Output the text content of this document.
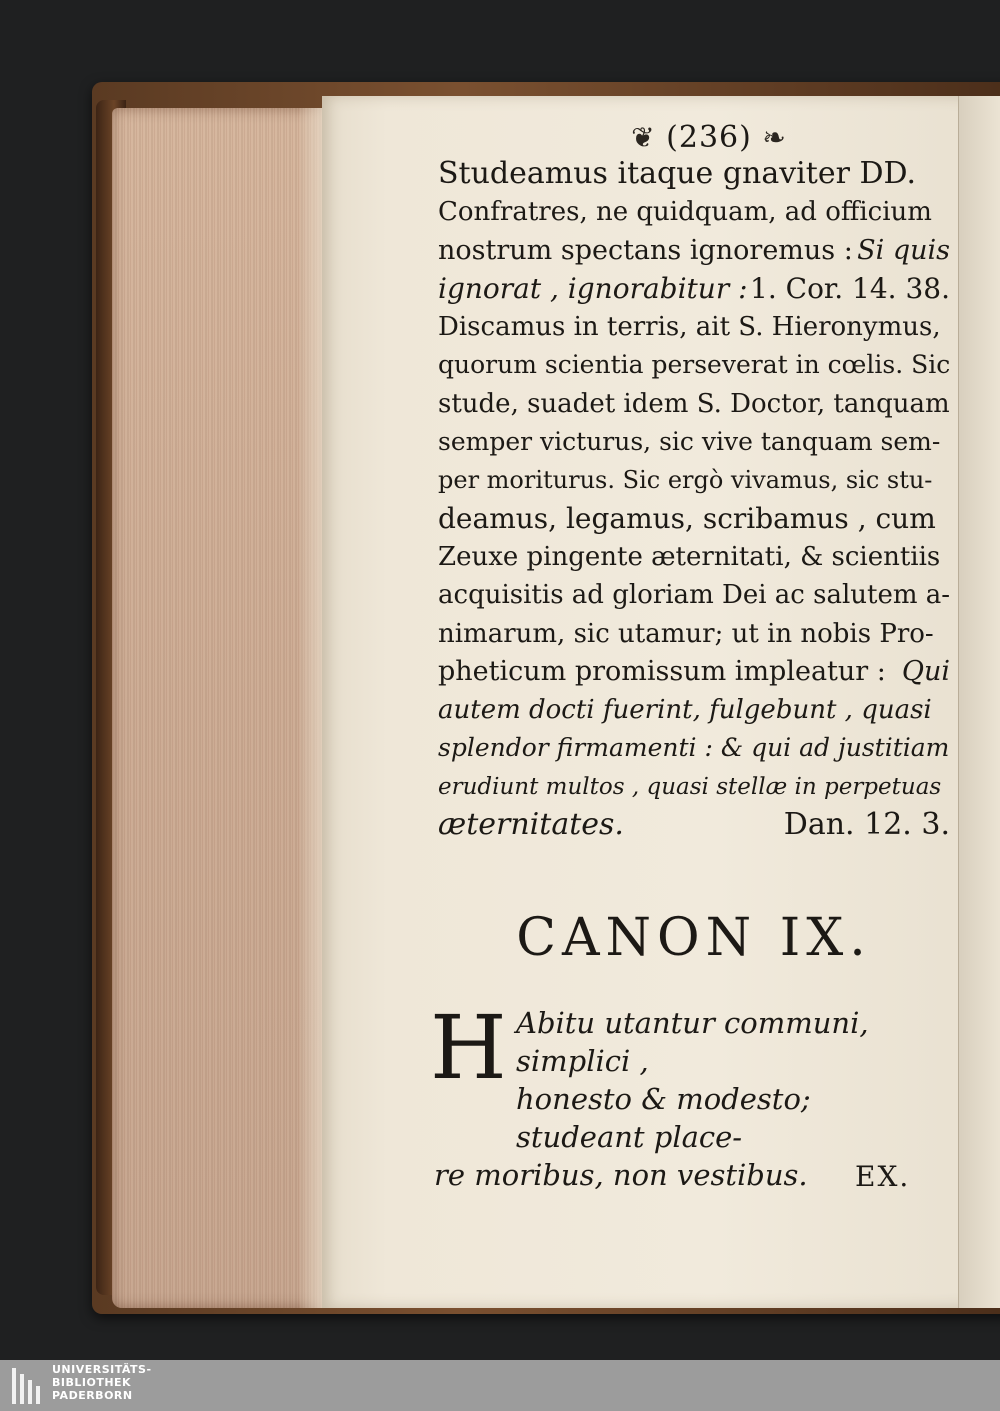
❦ (236) ❧
Studeamus itaque gnaviter DD.
Confratres, ne quidquam, ad officium
nostrum spectans ignoremus : Si quis
ignorat , ignorabitur : 1. Cor. 14. 38.
Discamus in terris, ait S. Hieronymus,
quorum scientia perseverat in cœlis. Sic
stude, suadet idem S. Doctor, tanquam
semper victurus, sic vive tanquam sem-
per moriturus. Sic ergò vivamus, sic stu-
deamus, legamus, scribamus , cum
Zeuxe pingente æternitati, & scientiis
acquisitis ad gloriam Dei ac salutem a-
nimarum, sic utamur; ut in nobis Pro-
pheticum promissum impleatur : Qui
autem docti fuerint, fulgebunt , quasi
splendor firmamenti : & qui ad justitiam
erudiunt multos , quasi stellæ in perpetuas
æternitates.	Dan. 12. 3.
CANON IX.
H Abitu utantur communi, simplici ,
honesto & modesto; studeant place-

re moribus, non vestibus.	EX.
UNIVERSITÄTS-
BIBLIOTHEK
PADERBORN
